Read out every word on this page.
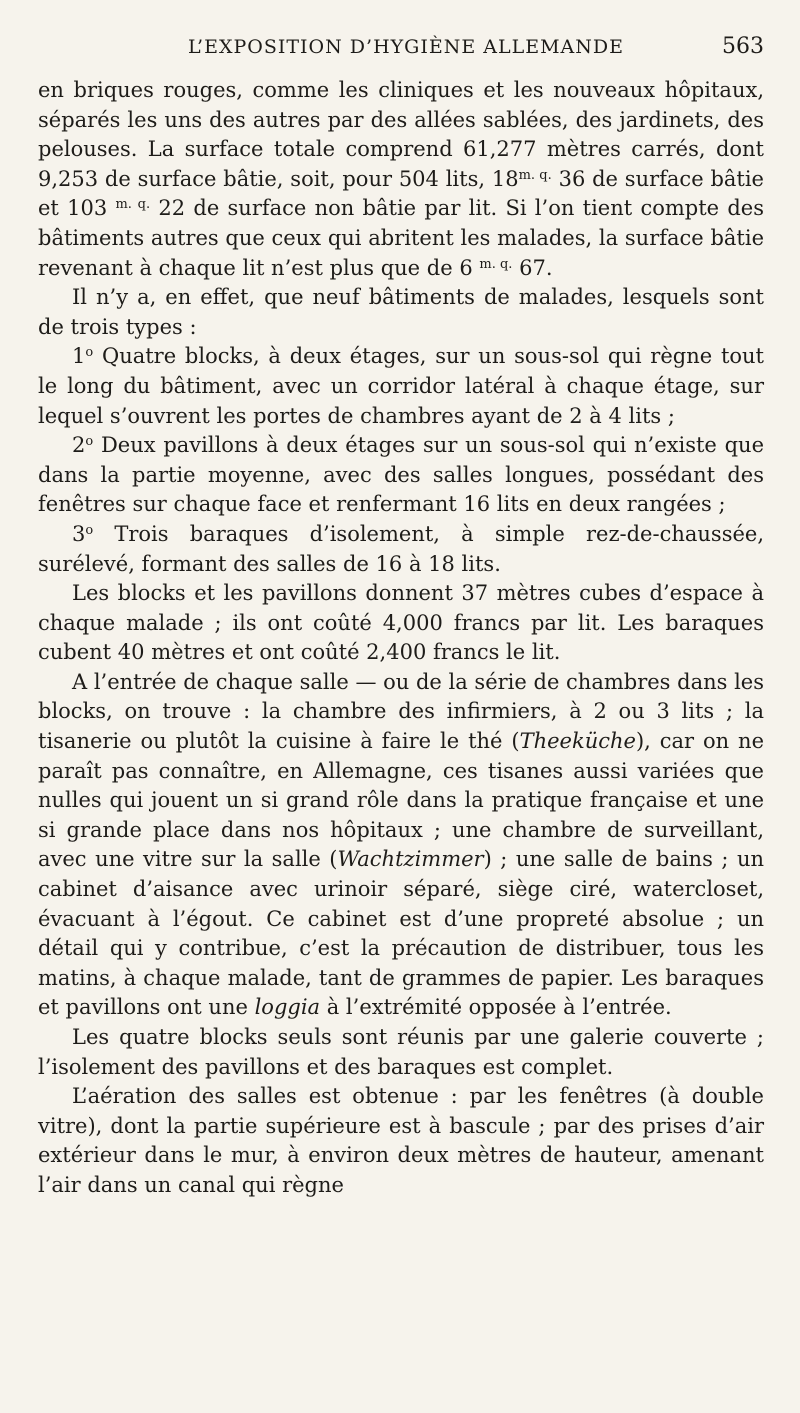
L’EXPOSITION D’HYGIÈNE ALLEMANDE	563

en briques rouges, comme les cliniques et les nouveaux hôpitaux, séparés les uns des autres par des allées sablées, des jardinets, des pelouses. La surface totale comprend 61,277 mètres carrés, dont 9,253 de surface bâtie, soit, pour 504 lits, $18^{m. q.}$ 36 de surface bâtie et 103 $^{m. q.}$ 22 de surface non bâtie par lit. Si l’on tient compte des bâtiments autres que ceux qui abritent les malades, la surface bâtie revenant à chaque lit n’est plus que de 6 $^{m. q.}$ 67.

Il n’y a, en effet, que neuf bâtiments de malades, lesquels sont de trois types :

1$^o$ Quatre blocks, à deux étages, sur un sous-sol qui règne tout le long du bâtiment, avec un corridor latéral à chaque étage, sur lequel s’ouvrent les portes de chambres ayant de 2 à 4 lits ;

2$^o$ Deux pavillons à deux étages sur un sous-sol qui n’existe que dans la partie moyenne, avec des salles longues, possédant des fenêtres sur chaque face et renfermant 16 lits en deux rangées ;

3$^o$ Trois baraques d’isolement, à simple rez-de-chaussée, surélevé, formant des salles de 16 à 18 lits.

Les blocks et les pavillons donnent 37 mètres cubes d’espace à chaque malade ; ils ont coûté 4,000 francs par lit. Les baraques cubent 40 mètres et ont coûté 2,400 francs le lit.

A l’entrée de chaque salle — ou de la série de chambres dans les blocks, on trouve : la chambre des infirmiers, à 2 ou 3 lits ; la tisanerie ou plutôt la cuisine à faire le thé (Theeküche), car on ne paraît pas connaître, en Allemagne, ces tisanes aussi variées que nulles qui jouent un si grand rôle dans la pratique française et une si grande place dans nos hôpitaux ; une chambre de surveillant, avec une vitre sur la salle (Wachtzimmer) ; une salle de bains ; un cabinet d’aisance avec urinoir séparé, siège ciré, watercloset, évacuant à l’égout. Ce cabinet est d’une propreté absolue ; un détail qui y contribue, c’est la précaution de distribuer, tous les matins, à chaque malade, tant de grammes de papier. Les baraques et pavillons ont une loggia à l’extrémité opposée à l’entrée.

Les quatre blocks seuls sont réunis par une galerie couverte ; l’isolement des pavillons et des baraques est complet.

L’aération des salles est obtenue : par les fenêtres (à double vitre), dont la partie supérieure est à bascule ; par des prises d’air extérieur dans le mur, à environ deux mètres de hauteur, amenant l’air dans un canal qui règne
